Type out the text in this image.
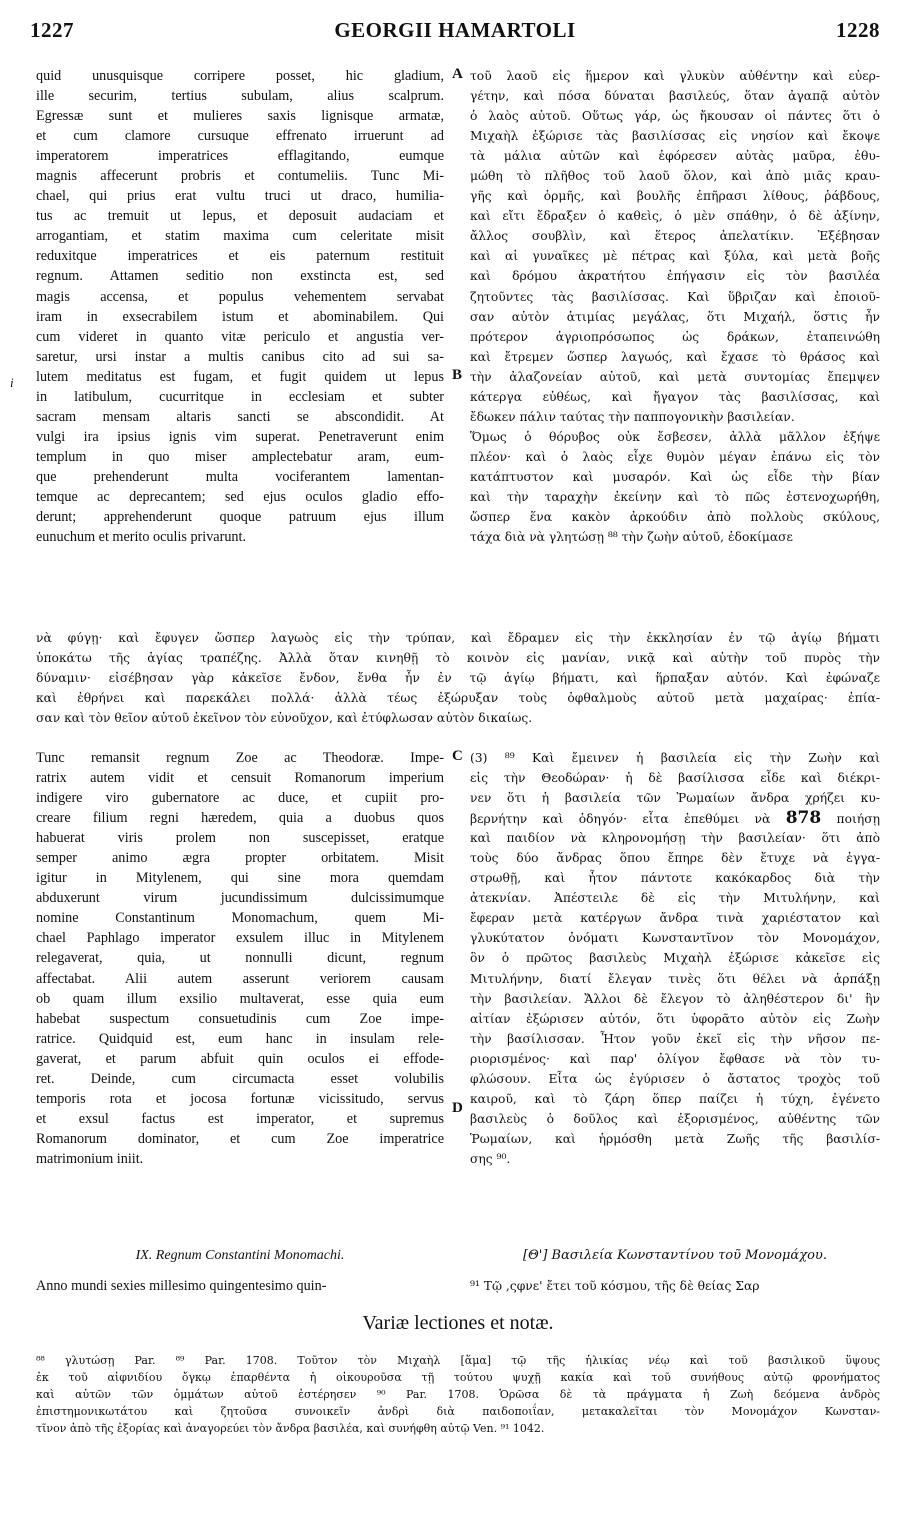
1227	GEORGII HAMARTOLI	1228
quid unusquisque corripere posset, hic gladium,
ille securim, tertius subulam, alius scalprum.
Egressæ sunt et mulieres saxis lignisque armatæ,
et cum clamore cursuque effrenato irruerunt ad
imperatorem imperatrices efflagitando, eumque
magnis affecerunt probris et contumeliis. Tunc Mi-
chael, qui prius erat vultu truci ut draco, humilia-
tus ac tremuit ut lepus, et deposuit audaciam et
arrogantiam, et statim maxima cum celeritate misit
reduxitque imperatrices et eis paternum restituit
regnum. Attamen seditio non exstincta est, sed
magis accensa, et populus vehementem servabat
iram in exsecrabilem istum et abominabilem. Qui
cum videret in quanto vitæ periculo et angustia ver-
saretur, ursi instar a multis canibus cito ad sui sa-
lutem meditatus est fugam, et fugit quidem ut lepus
in latibulum, cucurritque in ecclesiam et subter
sacram mensam altaris sancti se abscondidit. At
vulgi ira ipsius ignis vim superat. Penetraverunt enim
templum in quo miser amplectebatur aram, eum-
que prehenderunt multa vociferantem lamentan-
temque ac deprecantem; sed ejus oculos gladio effo-
derunt; apprehenderunt quoque patruum ejus illum
eunuchum et merito oculis privarunt.
τοῦ λαοῦ εἰς ἥμερον καὶ γλυκὺν αὐθέντην καὶ εὐερ-
γέτην, καὶ πόσα δύναται βασιλεύς, ὅταν ἀγαπᾷ αὐτὸν
ὁ λαὸς αὐτοῦ. Οὕτως γάρ, ὡς ἤκουσαν οἱ πάντες ὅτι ὁ
Μιχαὴλ ἐξώρισε τὰς βασιλίσσας εἰς νησίον καὶ ἔκοψε
τὰ μάλια αὐτῶν καὶ ἐφόρεσεν αὐτὰς μαῦρα, ἐθυ-
μώθη τὸ πλῆθος τοῦ λαοῦ ὅλον, καὶ ἀπὸ μιᾶς κραυ-
γῆς καὶ ὁρμῆς, καὶ βουλῆς ἐπῆρασι λίθους, ῥάβδους,
καὶ εἴτι ἔδραξεν ὁ καθεὶς, ὁ μὲν σπάθην, ὁ δὲ ἀξίνην,
ἄλλος σουβλὶν, καὶ ἕτερος ἀπελατίκιν. Ἐξέβησαν
καὶ αἱ γυναῖκες μὲ πέτρας καὶ ξύλα, καὶ μετὰ βοῆς
καὶ δρόμου ἀκρατήτου ἐπήγασιν εἰς τὸν βασιλέα
ζητοῦντες τὰς βασιλίσσας. Καὶ ὕβριζαν καὶ ἐποιοῦ-
σαν αὐτὸν ἀτιμίας μεγάλας, ὅτι Μιχαήλ, ὅστις ἦν
πρότερον ἀγριοπρόσωπος ὡς δράκων, ἐταπεινώθη
καὶ ἔτρεμεν ὥσπερ λαγωός, καὶ ἔχασε τὸ θράσος καὶ
τὴν ἀλαζονείαν αὐτοῦ, καὶ μετὰ συντομίας ἔπεμψεν
κάτεργα εὐθέως, καὶ ἤγαγον τὰς βασιλίσσας, καὶ
ἔδωκεν πάλιν ταύτας τὴν παππογονικὴν βασιλείαν.
Ὅμως ὁ θόρυβος οὐκ ἔσβεσεν, ἀλλὰ μᾶλλον ἐξήψε
πλέον· καὶ ὁ λαὸς εἶχε θυμὸν μέγαν ἐπάνω εἰς τὸν
κατάπτυστον καὶ μυσαρόν. Καὶ ὡς εἶδε τὴν βίαν
καὶ τὴν ταραχὴν ἐκείνην καὶ τὸ πῶς ἐστενοχωρήθη,
ὥσπερ ἕνα κακὸν ἀρκούδιν ἀπὸ πολλοὺς σκύλους,
τάχα διὰ νὰ γλητώσῃ ⁸⁸ τὴν ζωὴν αὐτοῦ, ἐδοκίμασε
A
B
i
νὰ φύγῃ· καὶ ἔφυγεν ὥσπερ λαγωὸς εἰς τὴν τρύπαν, καὶ ἔδραμεν εἰς τὴν ἐκκλησίαν ἐν τῷ ἁγίῳ βήματι
ὑποκάτω τῆς ἁγίας τραπέζης. Ἀλλὰ ὅταν κινηθῇ τὸ κοινὸν εἰς μανίαν, νικᾷ καὶ αὐτὴν τοῦ πυρὸς τὴν
δύναμιν· εἰσέβησαν γὰρ κἀκεῖσε ἔνδον, ἔνθα ἦν ἐν τῷ ἁγίῳ βήματι, καὶ ἥρπαξαν αὐτόν. Καὶ ἐφώναζε
καὶ ἐθρήνει καὶ παρεκάλει πολλά· ἀλλὰ τέως ἐξώρυξαν τοὺς ὀφθαλμοὺς αὐτοῦ μετὰ μαχαίρας· ἐπία-
σαν καὶ τὸν θεῖον αὐτοῦ ἐκεῖνον τὸν εὐνοῦχον, καὶ ἐτύφλωσαν αὐτὸν δικαίως.
Tunc remansit regnum Zoe ac Theodoræ. Impe-
ratrix autem vidit et censuit Romanorum imperium
indigere viro gubernatore ac duce, et cupiit pro-
creare filium regni hæredem, quia a duobus quos
habuerat viris prolem non suscepisset, eratque
semper animo ægra propter orbitatem. Misit
igitur in Mitylenem, qui sine mora quemdam
abduxerunt virum jucundissimum dulcissimumque
nomine Constantinum Monomachum, quem Mi-
chael Paphlago imperator exsulem illuc in Mitylenem
relegaverat, quia, ut nonnulli dicunt, regnum
affectabat. Alii autem asserunt veriorem causam
ob quam illum exsilio multaverat, esse quia eum
habebat suspectum consuetudinis cum Zoe impe-
ratrice. Quidquid est, eum hanc in insulam rele-
gaverat, et parum abfuit quin oculos ei effode-
ret. Deinde, cum circumacta esset volubilis
temporis rota et jocosa fortunæ vicissitudo, servus
et exsul factus est imperator, et supremus
Romanorum dominator, et cum Zoe imperatrice
matrimonium iniit.
(3) ⁸⁹ Καὶ ἔμεινεν ἡ βασιλεία εἰς τὴν Ζωὴν καὶ
εἰς τὴν Θεοδώραν· ἡ δὲ βασίλισσα εἶδε καὶ διέκρι-
νεν ὅτι ἡ βασιλεία τῶν Ῥωμαίων ἄνδρα χρήζει κυ-
βερνήτην καὶ ὁδηγόν· εἶτα ἐπεθύμει νὰ 878 ποιήσῃ
καὶ παιδίον νὰ κληρονομήσῃ τὴν βασιλείαν· ὅτι ἀπὸ
τοὺς δύο ἄνδρας ὅπου ἔπηρε δὲν ἔτυχε νὰ ἐγγα-
στρωθῇ, καὶ ἦτον πάντοτε κακόκαρδος διὰ τὴν
ἀτεκνίαν. Ἀπέστειλε δὲ εἰς τὴν Μιτυλήνην, καὶ
ἔφεραν μετὰ κατέργων ἄνδρα τινὰ χαριέστατον καὶ
γλυκύτατον ὀνόματι Κωνσταντῖνον τὸν Μονομάχον,
ὃν ὁ πρῶτος βασιλεὺς Μιχαὴλ ἐξώρισε κἀκεῖσε εἰς
Μιτυλήνην, διατί ἔλεγαν τινὲς ὅτι θέλει νὰ ἁρπάξῃ
τὴν βασιλείαν. Ἄλλοι δὲ ἔλεγον τὸ ἀληθέστερον δι' ἣν
αἰτίαν ἐξώρισεν αὐτόν, ὅτι ὑφορᾶτο αὐτὸν εἰς Ζωὴν
τὴν βασίλισσαν. Ἦτον γοῦν ἐκεῖ εἰς τὴν νῆσον πε-
ριορισμένος· καὶ παρ' ὀλίγον ἔφθασε νὰ τὸν τυ-
φλώσουν. Εἶτα ὡς ἐγύρισεν ὁ ἄστατος τροχὸς τοῦ
καιροῦ, καὶ τὸ ζάρη ὅπερ παίζει ἡ τύχη, ἐγένετο
βασιλεὺς ὁ δοῦλος καὶ ἐξορισμένος, αὐθέντης τῶν
Ῥωμαίων, καὶ ἡρμόσθη μετὰ Ζωῆς τῆς βασιλίσ-
σης ⁹⁰.
C
D
IX. Regnum Constantini Monomachi.	[Θ'] Βασιλεία Κωνσταντίνου τοῦ Μονομάχου.
Anno mundi sexies millesimo quingentesimo quin-	⁹¹ Τῷ ,ςφνε' ἔτει τοῦ κόσμου, τῆς δὲ θείας Σαρ
Variæ lectiones et notæ.
⁸⁸ γλυτώσῃ Par. ⁸⁹ Par. 1708. Τοῦτον τὸν Μιχαὴλ [ἅμα] τῷ τῆς ἡλικίας νέῳ καὶ τοῦ βασιλικοῦ ὕψους
ἐκ τοῦ αἰφνιδίου ὄγκῳ ἐπαρθέντα ἡ οἰκουροῦσα τῇ τούτου ψυχῇ κακία καὶ τοῦ συνήθους αὐτῷ φρονήματος
καὶ αὐτῶν τῶν ὀμμάτων αὐτοῦ ἐστέρησεν ⁹⁰ Par. 1708. Ὁρῶσα δὲ τὰ πράγματα ἡ Ζωὴ δεόμενα ἀνδρὸς
ἐπιστημονικωτάτου καὶ ζητοῦσα συνοικεῖν ἀνδρὶ διὰ παιδοποιΐαν, μετακαλεῖται τὸν Μονομάχον Κωνσταν-
τῖνον ἀπὸ τῆς ἐξορίας καὶ ἀναγορεύει τὸν ἄνδρα βασιλέα, καὶ συνήφθη αὐτῷ Ven. ⁹¹ 1042.
